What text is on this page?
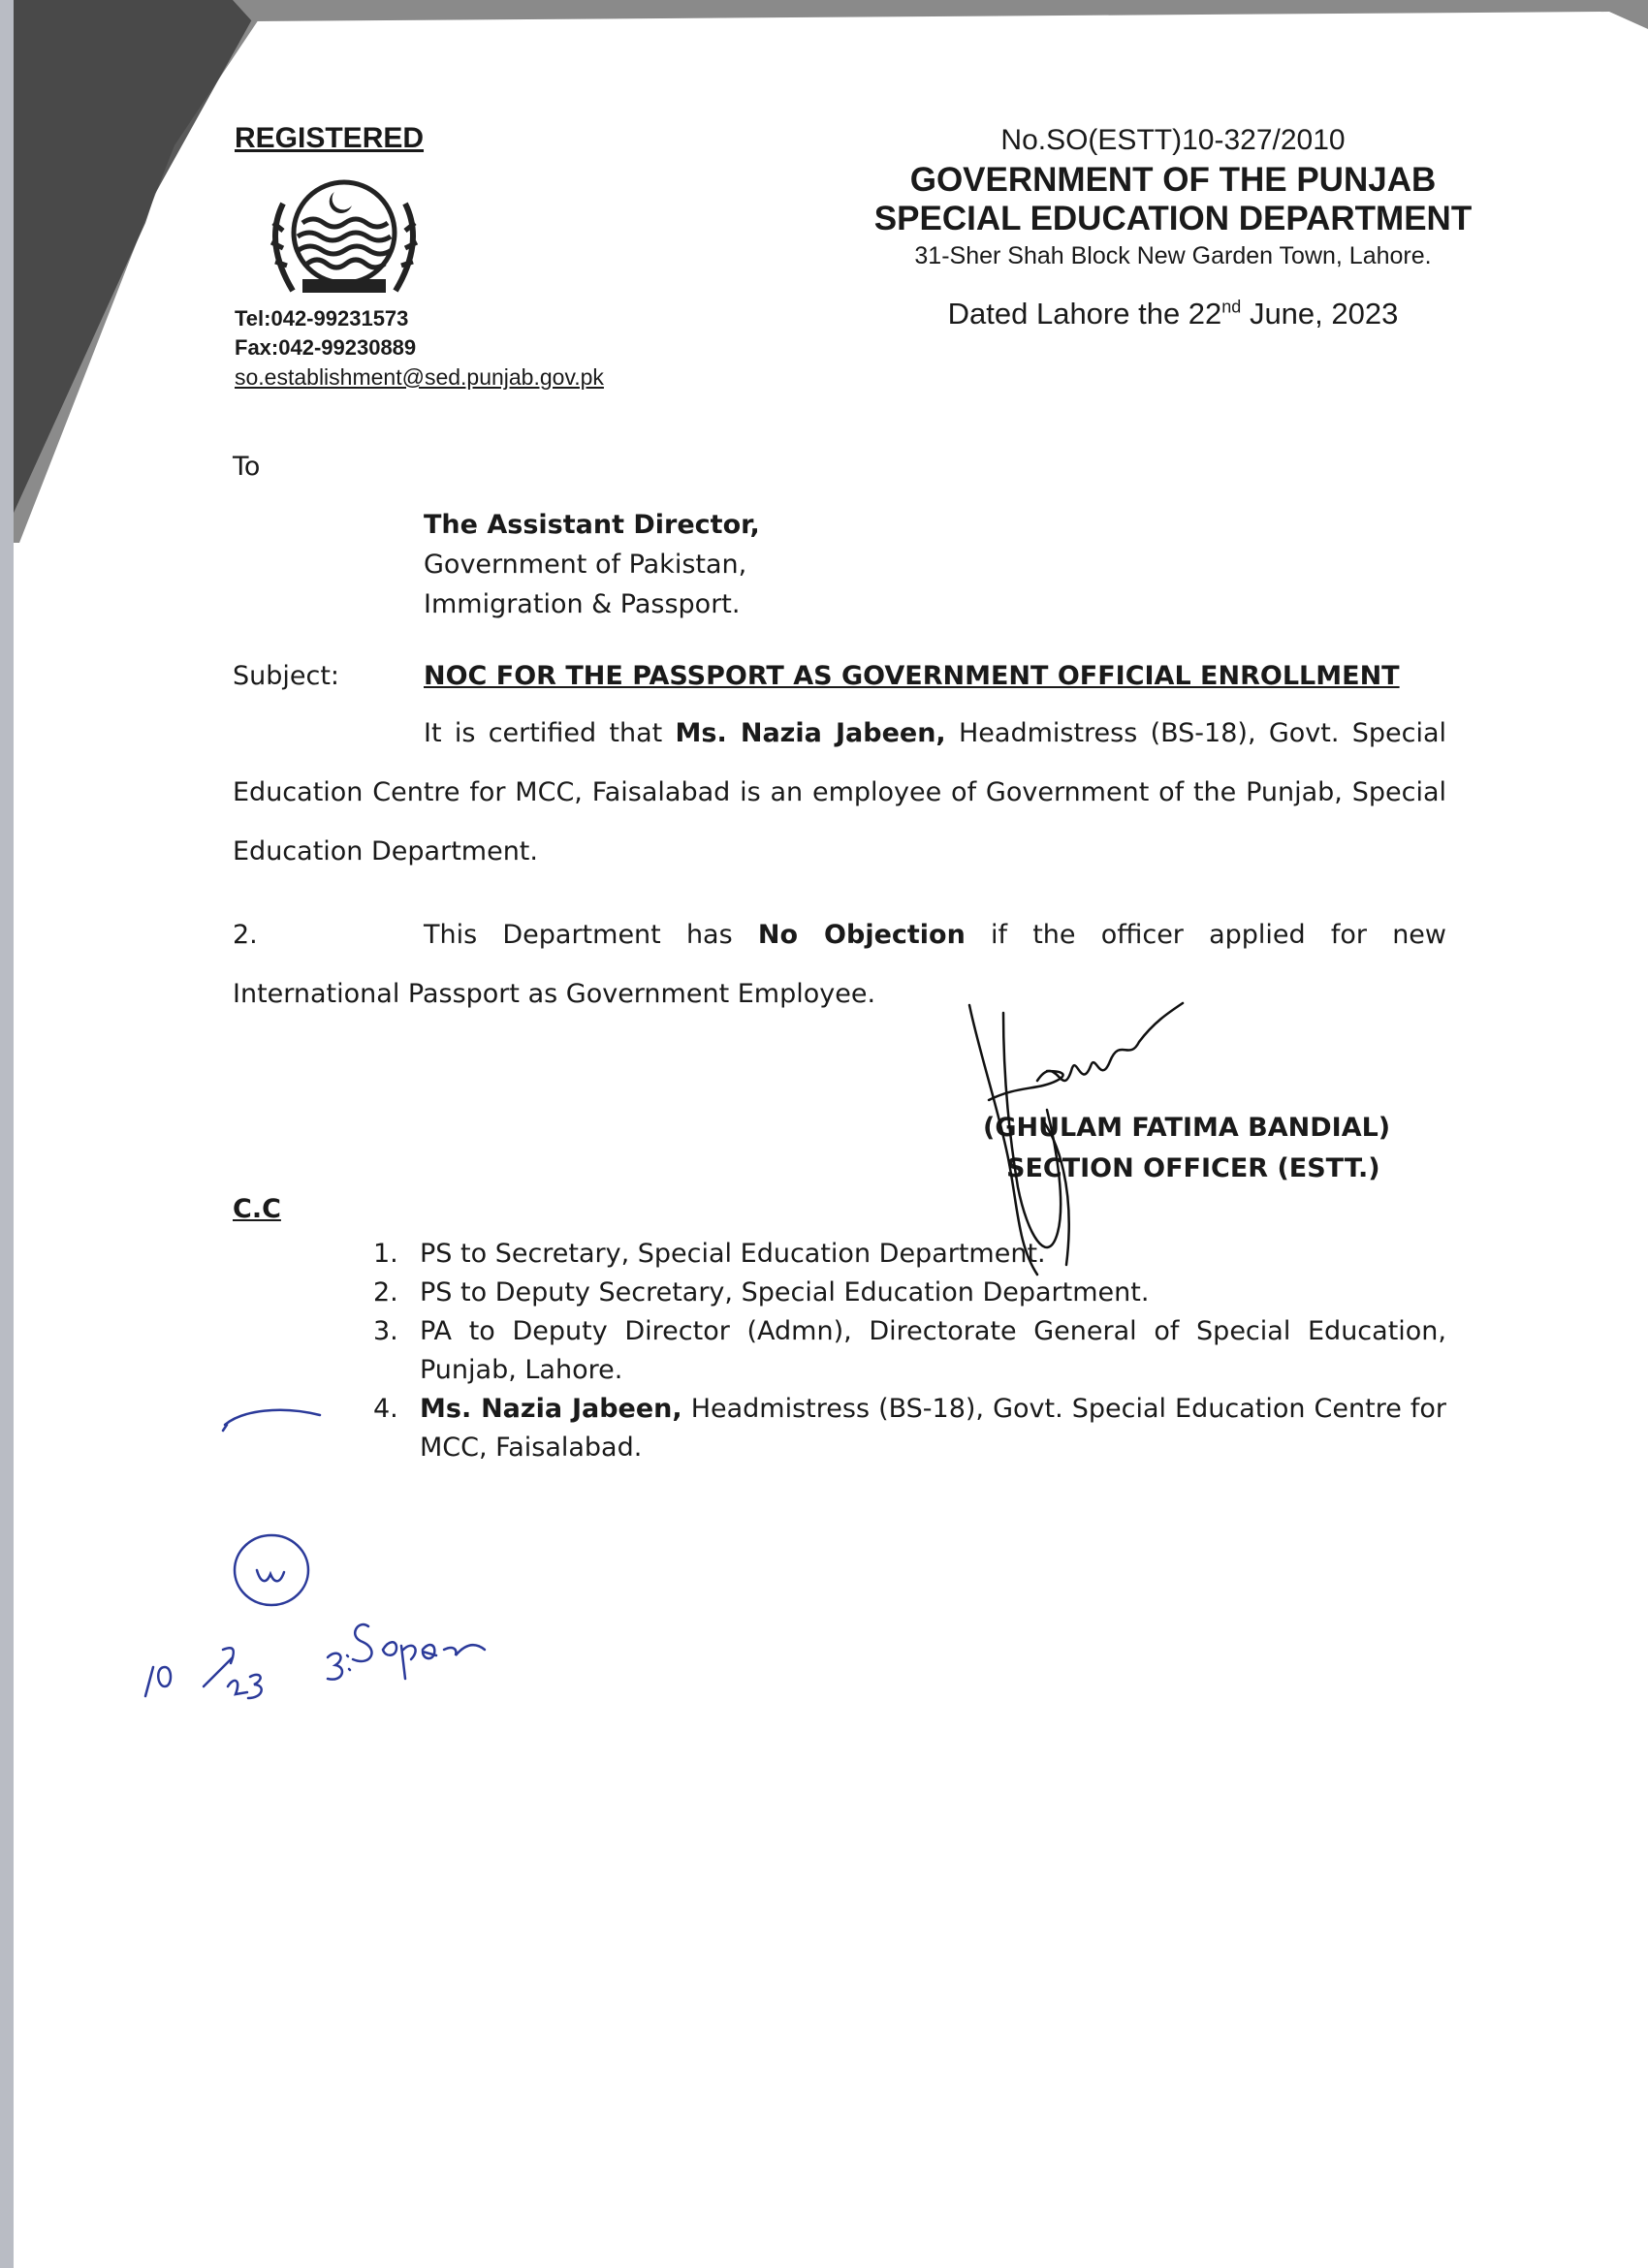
REGISTERED
Tel:042-99231573
Fax:042-99230889
so.establishment@sed.punjab.gov.pk
No.SO(ESTT)10-327/2010
GOVERNMENT OF THE PUNJAB
SPECIAL EDUCATION DEPARTMENT
31-Sher Shah Block New Garden Town, Lahore.
Dated Lahore the 22nd June, 2023
To
The Assistant Director,
Government of Pakistan,
Immigration & Passport.
Subject:	NOC FOR THE PASSPORT AS GOVERNMENT OFFICIAL ENROLLMENT
It is certified that Ms. Nazia Jabeen, Headmistress (BS-18), Govt. Special Education Centre for MCC, Faisalabad is an employee of Government of the Punjab, Special Education Department.
2.	This Department has No Objection if the officer applied for new International Passport as Government Employee.
(GHULAM FATIMA BANDIAL)
SECTION OFFICER (ESTT.)
C.C
1. PS to Secretary, Special Education Department.
2. PS to Deputy Secretary, Special Education Department.
3. PA to Deputy Director (Admn), Directorate General of Special Education, Punjab, Lahore.
4. Ms. Nazia Jabeen, Headmistress (BS-18), Govt. Special Education Centre for MCC, Faisalabad.
